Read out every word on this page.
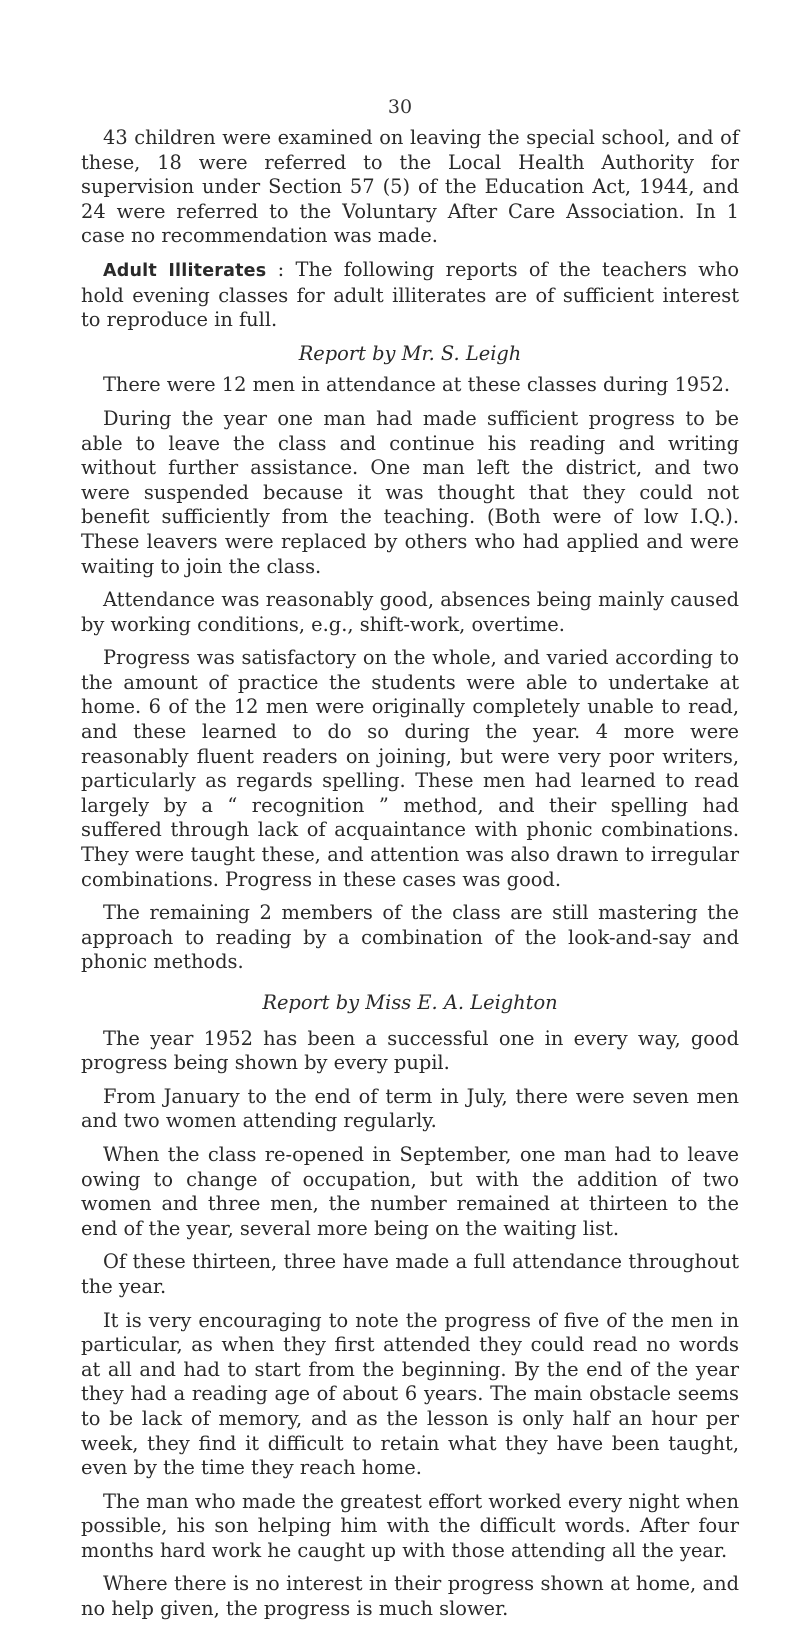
30

43 children were examined on leaving the special school, and of these, 18 were referred to the Local Health Authority for supervision under Section 57 (5) of the Education Act, 1944, and 24 were referred to the Voluntary After Care Association. In 1 case no recommendation was made.

Adult Illiterates : The following reports of the teachers who hold evening classes for adult illiterates are of sufficient interest to reproduce in full.

Report by Mr. S. Leigh

There were 12 men in attendance at these classes during 1952.

During the year one man had made sufficient progress to be able to leave the class and continue his reading and writing without further assistance. One man left the district, and two were suspended because it was thought that they could not benefit sufficiently from the teaching. (Both were of low I.Q.). These leavers were replaced by others who had applied and were waiting to join the class.

Attendance was reasonably good, absences being mainly caused by working conditions, e.g., shift-work, overtime.

Progress was satisfactory on the whole, and varied according to the amount of practice the students were able to undertake at home. 6 of the 12 men were originally completely unable to read, and these learned to do so during the year. 4 more were reasonably fluent readers on joining, but were very poor writers, particularly as regards spelling. These men had learned to read largely by a “ recognition ” method, and their spelling had suffered through lack of acquaintance with phonic combinations. They were taught these, and attention was also drawn to irregular combinations. Progress in these cases was good.

The remaining 2 members of the class are still mastering the approach to reading by a combination of the look-and-say and phonic methods.

Report by Miss E. A. Leighton

The year 1952 has been a successful one in every way, good progress being shown by every pupil.

From January to the end of term in July, there were seven men and two women attending regularly.

When the class re-opened in September, one man had to leave owing to change of occupation, but with the addition of two women and three men, the number remained at thirteen to the end of the year, several more being on the waiting list.

Of these thirteen, three have made a full attendance throughout the year.

It is very encouraging to note the progress of five of the men in particular, as when they first attended they could read no words at all and had to start from the beginning. By the end of the year they had a reading age of about 6 years. The main obstacle seems to be lack of memory, and as the lesson is only half an hour per week, they find it difficult to retain what they have been taught, even by the time they reach home.

The man who made the greatest effort worked every night when possible, his son helping him with the difficult words. After four months hard work he caught up with those attending all the year.

Where there is no interest in their progress shown at home, and no help given, the progress is much slower.
